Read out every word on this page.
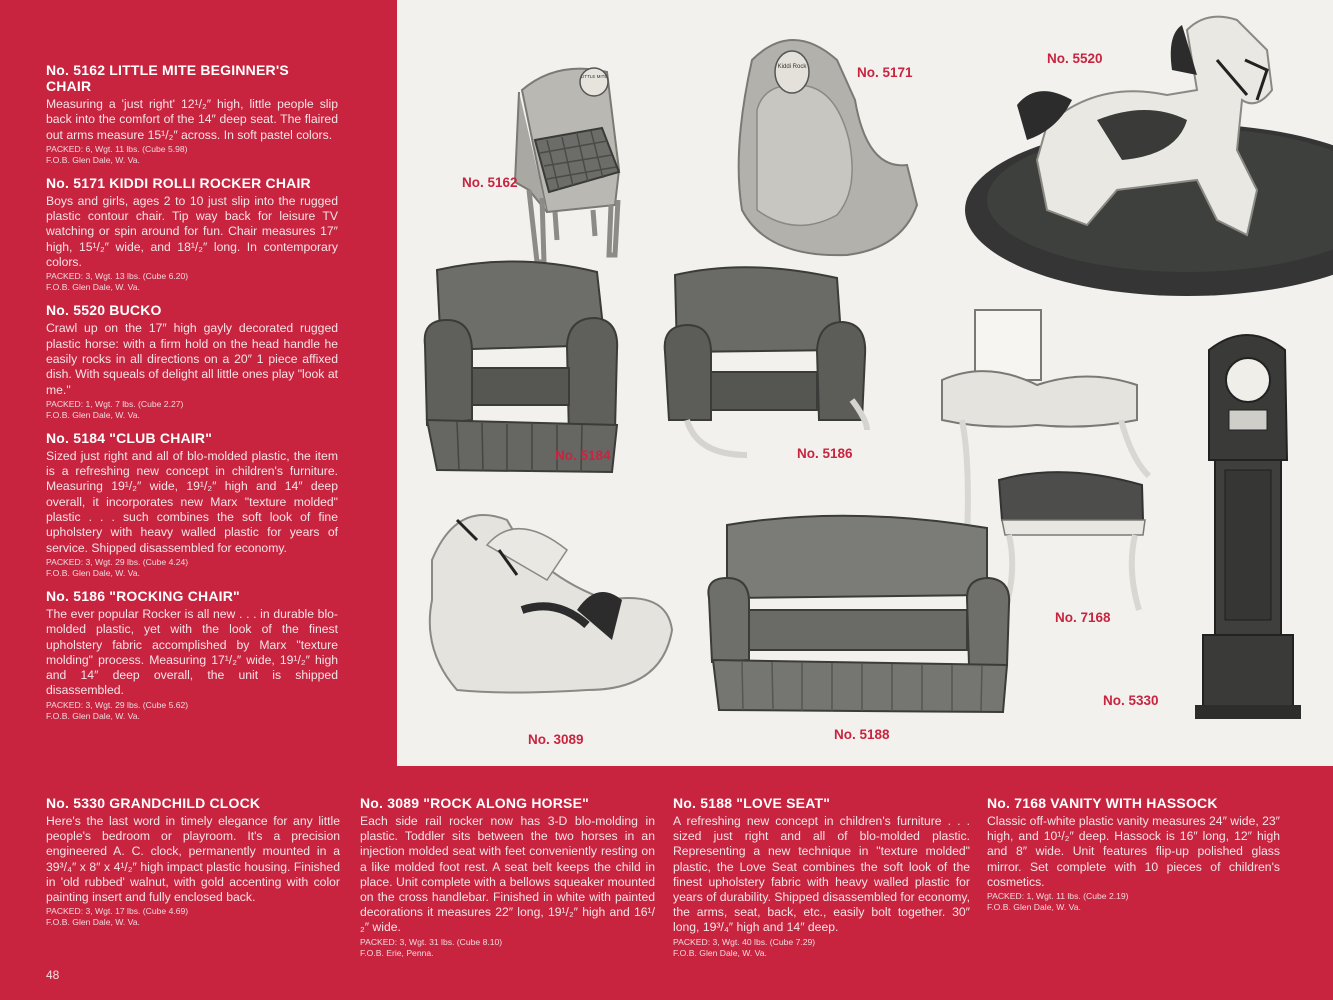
No. 5162 LITTLE MITE BEGINNER'S CHAIR
Measuring a 'just right' 12¹/₂″ high, little people slip back into the comfort of the 14″ deep seat. The flaired out arms measure 15¹/₂″ across. In soft pastel colors.
PACKED: 6, Wgt. 11 lbs. (Cube 5.98)
F.O.B. Glen Dale, W. Va.
No. 5171 KIDDI ROLLI ROCKER CHAIR
Boys and girls, ages 2 to 10 just slip into the rugged plastic contour chair. Tip way back for leisure TV watching or spin around for fun. Chair measures 17″ high, 15¹/₂″ wide, and 18¹/₂″ long. In contemporary colors.
PACKED: 3, Wgt. 13 lbs. (Cube 6.20)
F.O.B. Glen Dale, W. Va.
No. 5520 BUCKO
Crawl up on the 17″ high gayly decorated rugged plastic horse: with a firm hold on the head handle he easily rocks in all directions on a 20″ 1 piece affixed dish. With squeals of delight all little ones play "look at me."
PACKED: 1, Wgt. 7 lbs. (Cube 2.27)
F.O.B. Glen Dale, W. Va.
No. 5184 "CLUB CHAIR"
Sized just right and all of blo-molded plastic, the item is a refreshing new concept in children's furniture. Measuring 19¹/₂″ wide, 19¹/₂″ high and 14″ deep overall, it incorporates new Marx "texture molded" plastic . . . such combines the soft look of fine upholstery with heavy walled plastic for years of service. Shipped disassembled for economy.
PACKED: 3, Wgt. 29 lbs. (Cube 4.24)
F.O.B. Glen Dale, W. Va.
No. 5186 "ROCKING CHAIR"
The ever popular Rocker is all new . . . in durable blo-molded plastic, yet with the look of the finest upholstery fabric accomplished by Marx "texture molding" process. Measuring 17¹/₂″ wide, 19¹/₂″ high and 14″ deep overall, the unit is shipped disassembled.
PACKED: 3, Wgt. 29 lbs. (Cube 5.62)
F.O.B. Glen Dale, W. Va.
LITTLE MITE
Kiddi Rock
No. 5162
No. 5171
No. 5520
No. 5184	No. 5186
No. 7168
No. 3089	No. 5188
No. 5330
No. 5330 GRANDCHILD CLOCK
Here's the last word in timely elegance for any little people's bedroom or playroom. It's a precision engineered A. C. clock, permanently mounted in a 39³/₄″ x 8″ x 4¹/₂″ high impact plastic housing. Finished in 'old rubbed' walnut, with gold accenting with color painting insert and fully enclosed back.
PACKED: 3, Wgt. 17 lbs. (Cube 4.69)
F.O.B. Glen Dale, W. Va.
No. 3089 "ROCK ALONG HORSE"
Each side rail rocker now has 3-D blo-molding in plastic. Toddler sits between the two horses in an injection molded seat with feet conveniently resting on a like molded foot rest. A seat belt keeps the child in place. Unit complete with a bellows squeaker mounted on the cross handlebar. Finished in white with painted decorations it measures 22″ long, 19¹/₂″ high and 16¹/₂″ wide.
PACKED: 3, Wgt. 31 lbs. (Cube 8.10)
F.O.B. Erie, Penna.
No. 5188 "LOVE SEAT"
A refreshing new concept in children's furniture . . . sized just right and all of blo-molded plastic. Representing a new technique in "texture molded" plastic, the Love Seat combines the soft look of the finest upholstery fabric with heavy walled plastic for years of durability. Shipped disassembled for economy, the arms, seat, back, etc., easily bolt together. 30″ long, 19³/₄″ high and 14″ deep.
PACKED: 3, Wgt. 40 lbs. (Cube 7.29)
F.O.B. Glen Dale, W. Va.
No. 7168 VANITY WITH HASSOCK
Classic off-white plastic vanity measures 24″ wide, 23″ high, and 10¹/₂″ deep. Hassock is 16″ long, 12″ high and 8″ wide. Unit features flip-up polished glass mirror. Set complete with 10 pieces of children's cosmetics.
PACKED: 1, Wgt. 11 lbs. (Cube 2.19)
F.O.B. Glen Dale, W. Va.
48
